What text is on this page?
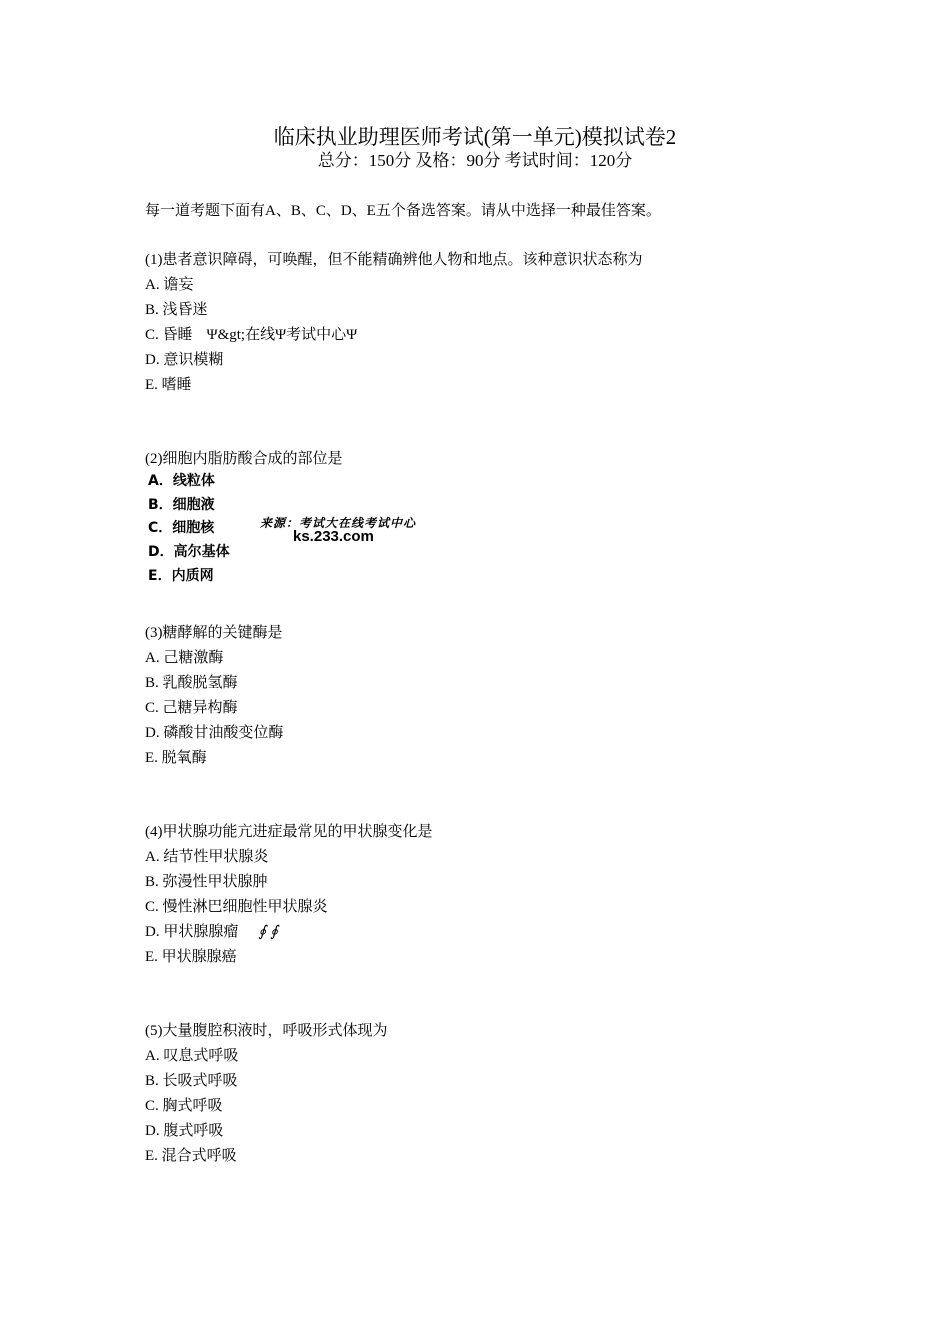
临床执业助理医师考试(第一单元)模拟试卷2
总分：150分 及格：90分 考试时间：120分
每一道考题下面有A、B、C、D、E五个备选答案。请从中选择一种最佳答案。
(1)患者意识障碍，可唤醒，但不能精确辨他人物和地点。该种意识状态称为
A. 谵妄
B. 浅昏迷
C. 昏睡 Ψ&gt;在线Ψ考试中心Ψ
D. 意识模糊
E. 嗜睡
(2)细胞内脂肪酸合成的部位是
A．线粒体
B．细胞液
C．细胞核
D．高尔基体
E．内质网
来源：考试大在线考试中心
ks.233.com
(3)糖酵解的关键酶是
A. 己糖激酶
B. 乳酸脱氢酶
C. 己糖异构酶
D. 磷酸甘油酸变位酶
E. 脱氧酶
(4)甲状腺功能亢进症最常见的甲状腺变化是
A. 结节性甲状腺炎
B. 弥漫性甲状腺肿
C. 慢性淋巴细胞性甲状腺炎
D. 甲状腺腺瘤 ∮∮
E. 甲状腺腺癌
(5)大量腹腔积液时，呼吸形式体现为
A. 叹息式呼吸
B. 长吸式呼吸
C. 胸式呼吸
D. 腹式呼吸
E. 混合式呼吸
